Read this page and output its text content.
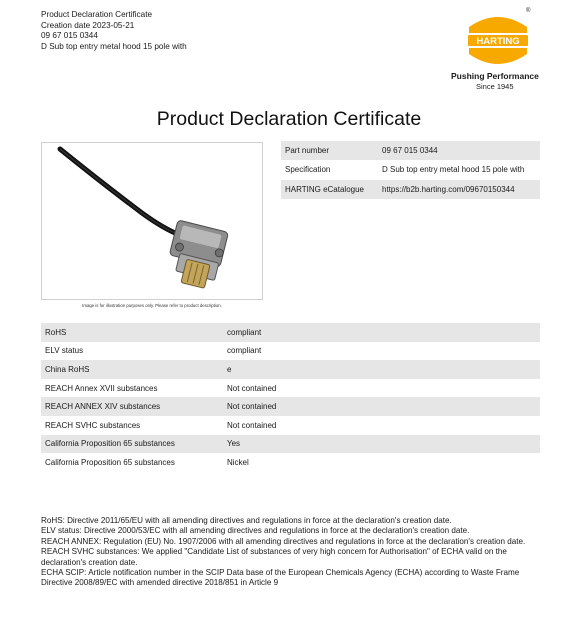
Product Declaration Certificate
Creation date 2023-05-21
09 67 015 0344
D Sub top entry metal hood 15 pole with	HARTING
®
Pushing Performance
Since 1945
Product Declaration Certificate
Image is for illustration purposes only. Please refer to product description.
Part number	09 67 015 0344
Specification	D Sub top entry metal hood 15 pole with
HARTING eCatalogue	https://b2b.harting.com/09670150344
RoHS	compliant
ELV status	compliant
China RoHS	e
REACH Annex XVII substances	Not contained
REACH ANNEX XIV substances	Not contained
REACH SVHC substances	Not contained
California Proposition 65 substances	Yes
California Proposition 65 substances	Nickel

RoHS: Directive 2011/65/EU with all amending directives and regulations in force at the declaration's creation date.

ELV status: Directive 2000/53/EC with all amending directives and regulations in force at the declaration's creation date.

REACH ANNEX: Regulation (EU) No. 1907/2006 with all amending directives and regulations in force at the declaration's creation date.

REACH SVHC substances: We applied "Candidate List of substances of very high concern for Authorisation" of ECHA valid on the declaration's creation date.

ECHA SCIP: Article notification number in the SCIP Data base of the European Chemicals Agency (ECHA) according to Waste Frame Directive 2008/89/EC with amended directive 2018/851 in Article 9
